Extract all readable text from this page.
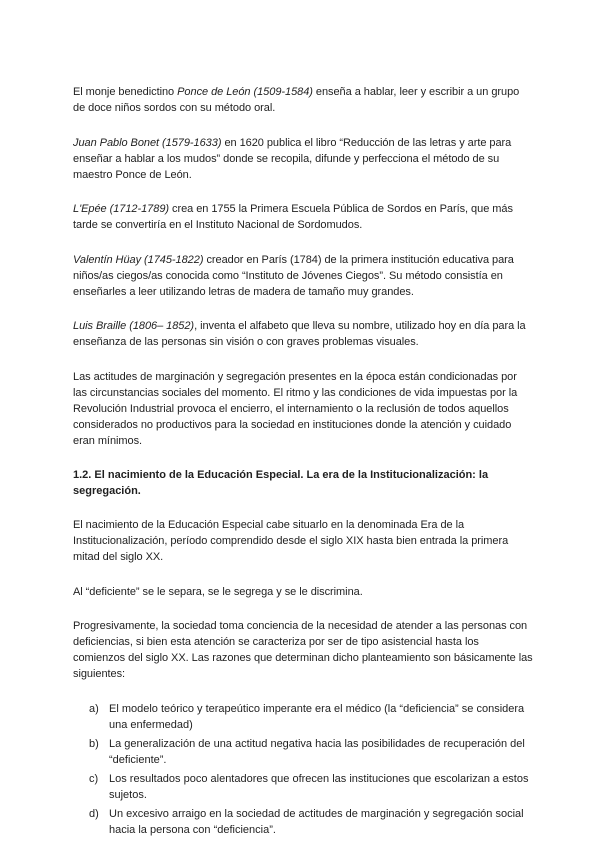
El monje benedictino Ponce de León (1509-1584) enseña a hablar, leer y escribir a un grupo de doce niños sordos con su método oral.

Juan Pablo Bonet (1579-1633) en 1620 publica el libro “Reducción de las letras y arte para enseñar a hablar a los mudos” donde se recopila, difunde y perfecciona el método de su maestro Ponce de León.

L'Epée (1712-1789) crea en 1755 la Primera Escuela Pública de Sordos en París, que más tarde se convertiría en el Instituto Nacional de Sordomudos.

Valentín Hüay (1745-1822) creador en París (1784) de la primera institución educativa para niños/as ciegos/as conocida como “Instituto de Jóvenes Ciegos”. Su método consistía en enseñarles a leer utilizando letras de madera de tamaño muy grandes.

Luis Braille (1806– 1852), inventa el alfabeto que lleva su nombre, utilizado hoy en día para la enseñanza de las personas sin visión o con graves problemas visuales.

Las actitudes de marginación y segregación presentes en la época están condicionadas por las circunstancias sociales del momento. El ritmo y las condiciones de vida impuestas por la Revolución Industrial provoca el encierro, el internamiento o la reclusión de todos aquellos considerados no productivos para la sociedad en instituciones donde la atención y cuidado eran mínimos.

1.2. El nacimiento de la Educación Especial. La era de la Institucionalización: la segregación.

El nacimiento de la Educación Especial cabe situarlo en la denominada Era de la Institucionalización, período comprendido desde el siglo XIX hasta bien entrada la primera mitad del siglo XX.

Al “deficiente” se le separa, se le segrega y se le discrimina.

Progresivamente, la sociedad toma conciencia de la necesidad de atender a las personas con deficiencias, si bien esta atención se caracteriza por ser de tipo asistencial hasta los comienzos del siglo XX. Las razones que determinan dicho planteamiento son básicamente las siguientes:

a) El modelo teórico y terapeútico imperante era el médico (la “deficiencia” se considera una enfermedad)
b) La generalización de una actitud negativa hacia las posibilidades de recuperación del “deficiente”.
c) Los resultados poco alentadores que ofrecen las instituciones que escolarizan a estos sujetos.
d) Un excesivo arraigo en la sociedad de actitudes de marginación y segregación social hacia la persona con “deficiencia”.
